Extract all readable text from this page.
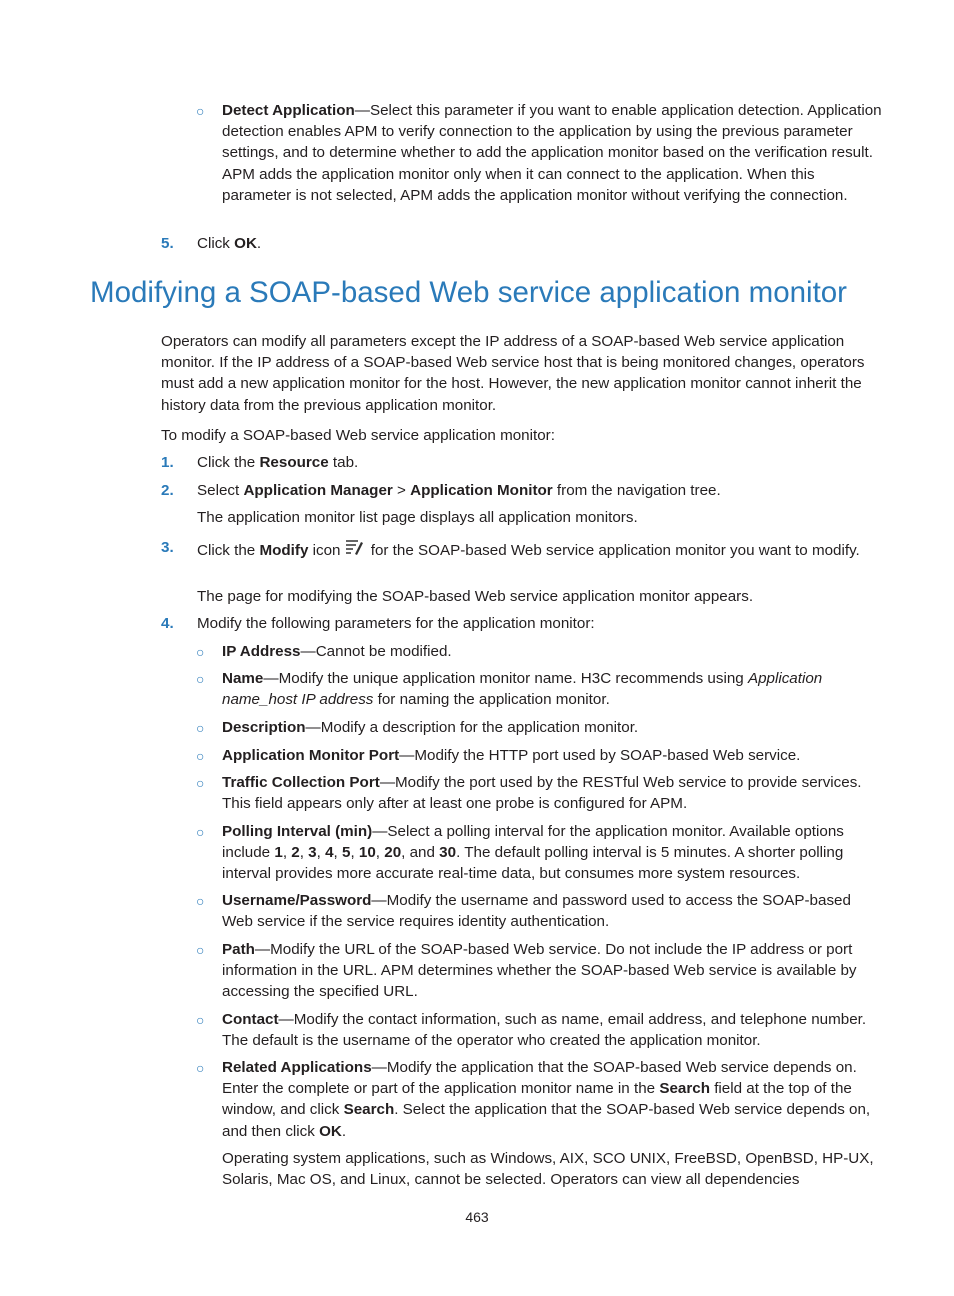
○ Detect Application—Select this parameter if you want to enable application detection. Application detection enables APM to verify connection to the application by using the previous parameter settings, and to determine whether to add the application monitor based on the verification result. APM adds the application monitor only when it can connect to the application. When this parameter is not selected, APM adds the application monitor without verifying the connection.

5. Click OK.

Modifying a SOAP-based Web service application monitor

Operators can modify all parameters except the IP address of a SOAP-based Web service application monitor. If the IP address of a SOAP-based Web service host that is being monitored changes, operators must add a new application monitor for the host. However, the new application monitor cannot inherit the history data from the previous application monitor.

To modify a SOAP-based Web service application monitor:

1. Click the Resource tab.

2. Select Application Manager > Application Monitor from the navigation tree.

The application monitor list page displays all application monitors.

3. Click the Modify icon for the SOAP-based Web service application monitor you want to modify.

The page for modifying the SOAP-based Web service application monitor appears.

4. Modify the following parameters for the application monitor:

○ IP Address—Cannot be modified.

○ Name—Modify the unique application monitor name. H3C recommends using Application name_host IP address for naming the application monitor.

○ Description—Modify a description for the application monitor.

○ Application Monitor Port—Modify the HTTP port used by SOAP-based Web service.

○ Traffic Collection Port—Modify the port used by the RESTful Web service to provide services. This field appears only after at least one probe is configured for APM.

○ Polling Interval (min)—Select a polling interval for the application monitor. Available options include 1, 2, 3, 4, 5, 10, 20, and 30. The default polling interval is 5 minutes. A shorter polling interval provides more accurate real-time data, but consumes more system resources.

○ Username/Password—Modify the username and password used to access the SOAP-based Web service if the service requires identity authentication.

○ Path—Modify the URL of the SOAP-based Web service. Do not include the IP address or port information in the URL. APM determines whether the SOAP-based Web service is available by accessing the specified URL.

○ Contact—Modify the contact information, such as name, email address, and telephone number. The default is the username of the operator who created the application monitor.

○ Related Applications—Modify the application that the SOAP-based Web service depends on. Enter the complete or part of the application monitor name in the Search field at the top of the window, and click Search. Select the application that the SOAP-based Web service depends on, and then click OK.

Operating system applications, such as Windows, AIX, SCO UNIX, FreeBSD, OpenBSD, HP-UX, Solaris, Mac OS, and Linux, cannot be selected. Operators can view all dependencies

463
